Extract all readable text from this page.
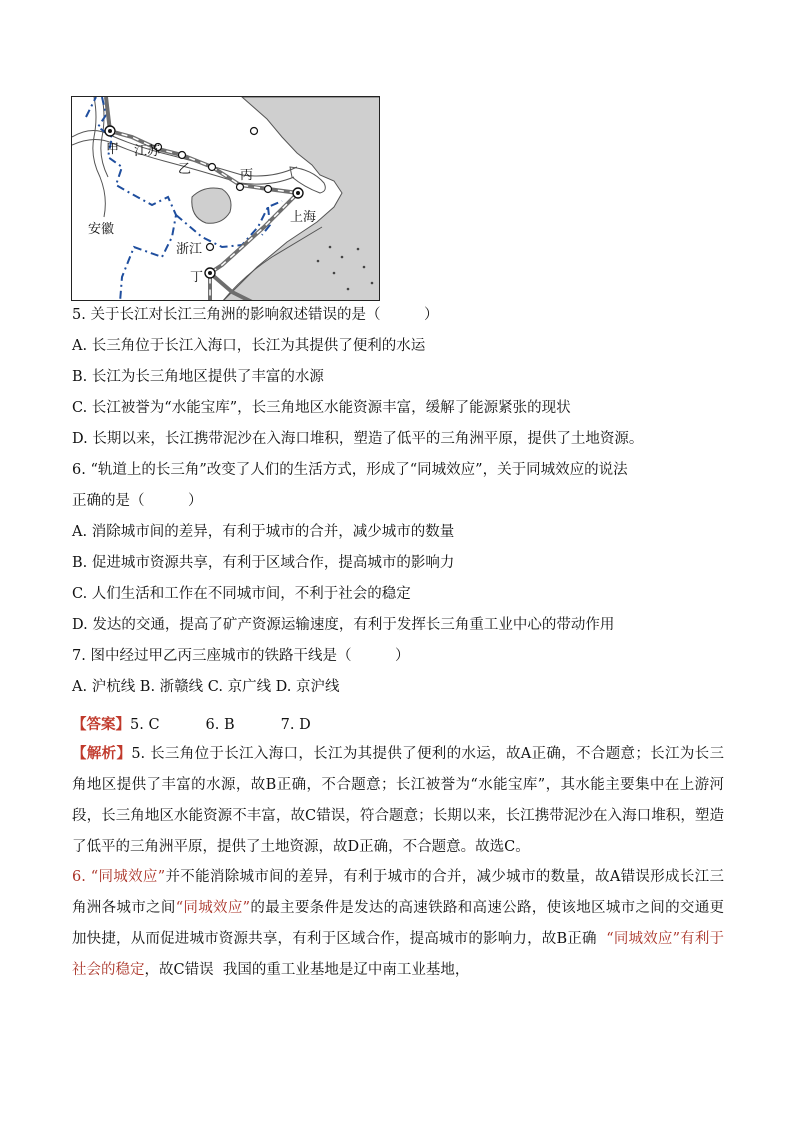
甲 江苏
乙	丙
上海
安徽
浙江
丁
5. 关于长江对长江三角洲的影响叙述错误的是（　　　）
A. 长三角位于长江入海口，长江为其提供了便利的水运
B. 长江为长三角地区提供了丰富的水源
C. 长江被誉为“水能宝库”，长三角地区水能资源丰富，缓解了能源紧张的现状
D. 长期以来，长江携带泥沙在入海口堆积，塑造了低平的三角洲平原，提供了土地资源。
6. “轨道上的长三角”改变了人们的生活方式，形成了“同城效应”，关于同城效应的说法
正确的是（　　　）
A. 消除城市间的差异，有利于城市的合并，减少城市的数量
B. 促进城市资源共享，有利于区域合作，提高城市的影响力
C. 人们生活和工作在不同城市间，不利于社会的稳定
D. 发达的交通，提高了矿产资源运输速度，有利于发挥长三角重工业中心的带动作用
7. 图中经过甲乙丙三座城市的铁路干线是（　　　）
A. 沪杭线 B. 浙赣线 C. 京广线 D. 京沪线
【答案】5. C	6. B	7. D
【解析】5. 长三角位于长江入海口，长江为其提供了便利的水运，故A正确，不合题意；长江为长三角地区提供了丰富的水源，故B正确，不合题意；长江被誉为“水能宝库”，其水能主要集中在上游河段，长三角地区水能资源不丰富，故C错误，符合题意；长期以来，长江携带泥沙在入海口堆积，塑造了低平的三角洲平原，提供了土地资源，故D正确，不合题意。故选C。
6. “同城效应”并不能消除城市间的差异，有利于城市的合并，减少城市的数量，故A错误形成长江三角洲各城市之间“同城效应”的最主要条件是发达的高速铁路和高速公路，使该地区城市之间的交通更加快捷，从而促进城市资源共享，有利于区域合作，提高城市的影响力，故B正确 “同城效应”有利于社会的稳定，故C错误 我国的重工业基地是辽中南工业基地，
